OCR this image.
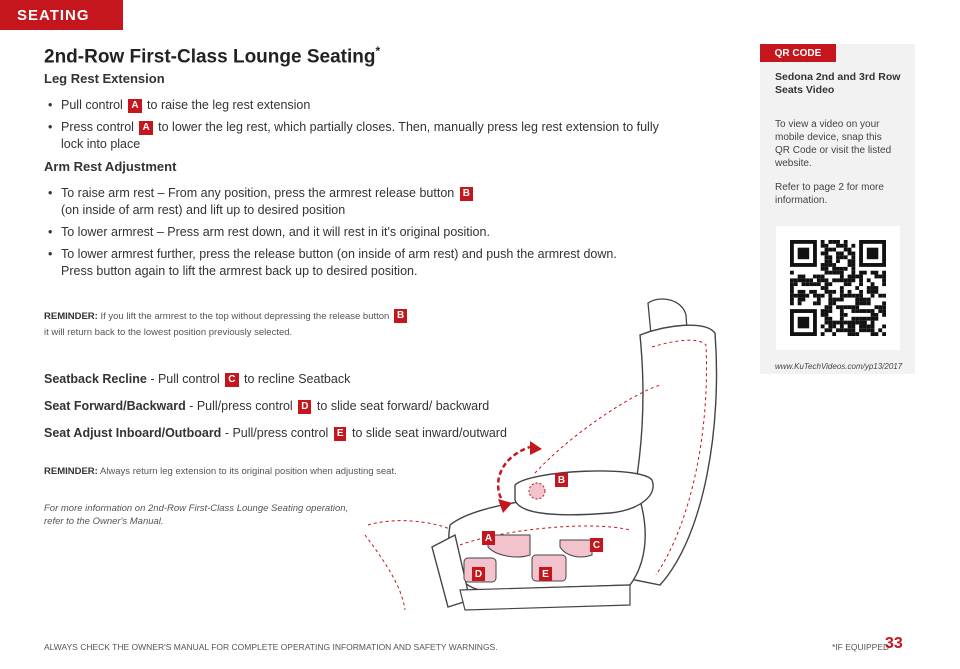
SEATING
2nd-Row First-Class Lounge Seating*
Leg Rest Extension
• Pull control A to raise the leg rest extension
• Press control A to lower the leg rest, which partially closes. Then, manually press leg rest extension to fully
lock into place
Arm Rest Adjustment
• To raise arm rest – From any position, press the armrest release button B
(on inside of arm rest) and lift up to desired position
• To lower armrest – Press arm rest down, and it will rest in it's original position.
• To lower armrest further, press the release button (on inside of arm rest) and push the armrest down.
Press button again to lift the armrest back up to desired position.
REMINDER: If you lift the armrest to the top without depressing the release button B
it will return back to the lowest position previously selected.
Seatback Recline - Pull control C to recline Seatback
Seat Forward/Backward - Pull/press control D to slide seat forward/ backward
Seat Adjust Inboard/Outboard - Pull/press control E to slide seat inward/outward
REMINDER: Always return leg extension to its original position when adjusting seat.
For more information on 2nd-Row First-Class Lounge Seating operation,
refer to the Owner's Manual.
B
A
C
D	E
QR CODE
Sedona 2nd and 3rd Row
Seats Video
To view a video on your
mobile device, snap this
QR Code or visit the listed
website.
Refer to page 2 for more
information.
www.KuTechVideos.com/yp13/2017
ALWAYS CHECK THE OWNER'S MANUAL FOR COMPLETE OPERATING INFORMATION AND SAFETY WARNINGS.	*IF EQUIPPED
33
